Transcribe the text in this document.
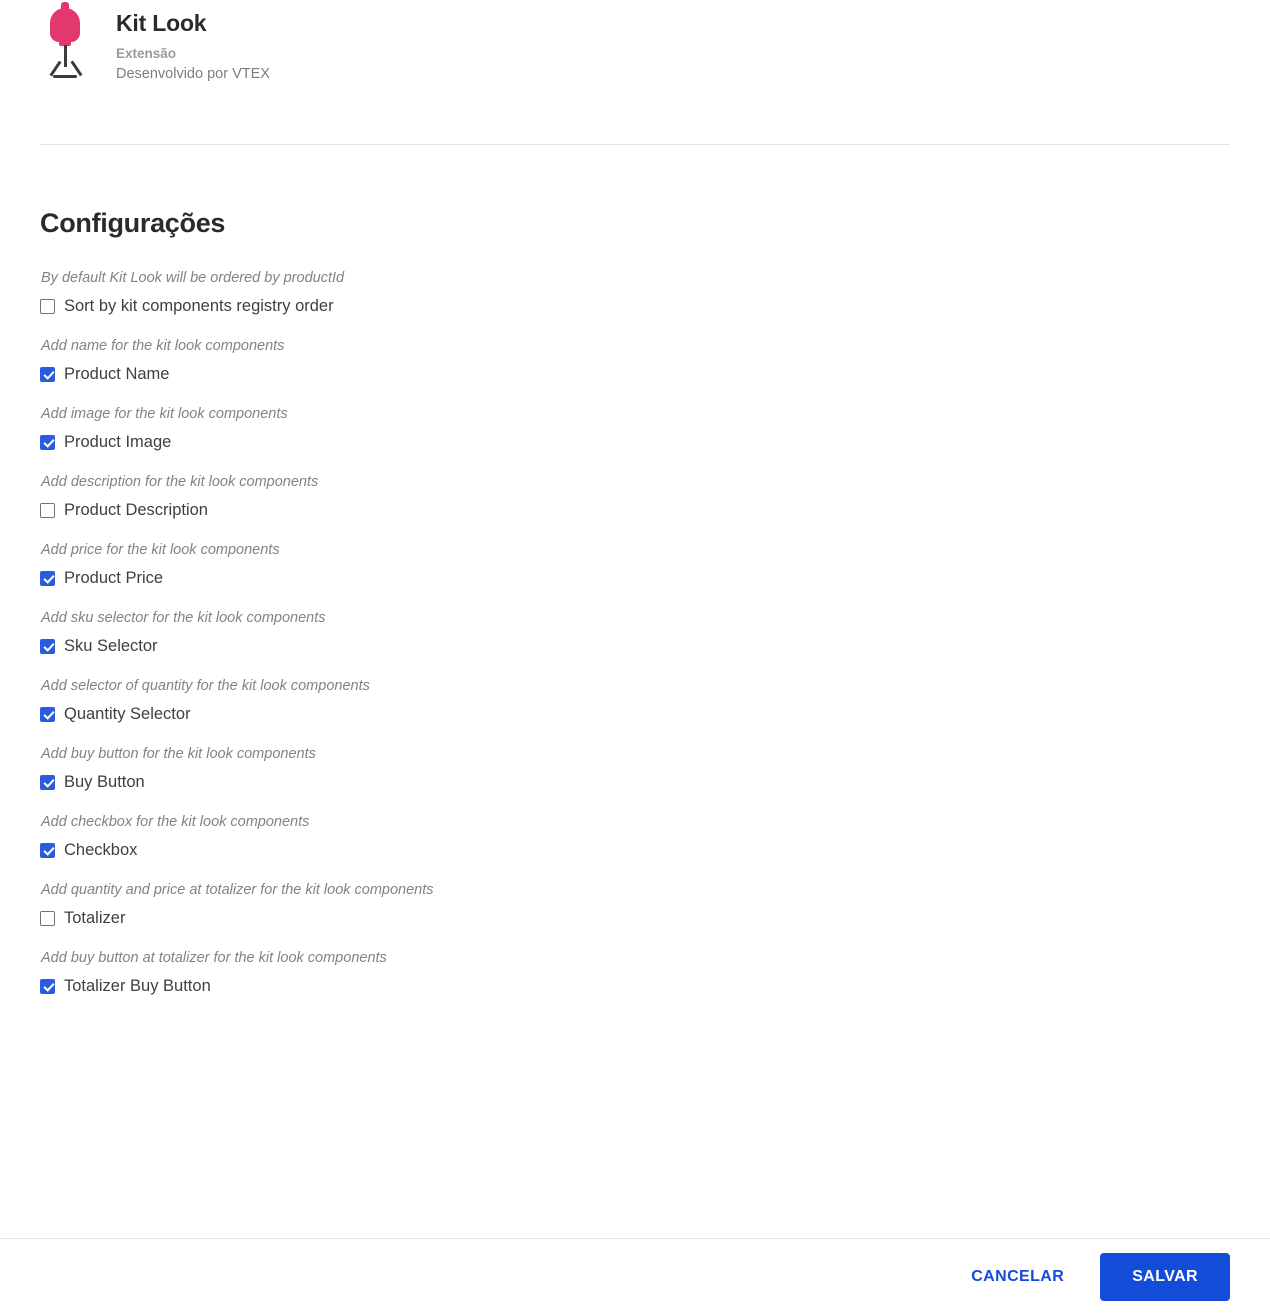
Kit Look
Extensão
Desenvolvido por VTEX
Configurações
By default Kit Look will be ordered by productId
Sort by kit components registry order
Add name for the kit look components
Product Name
Add image for the kit look components
Product Image
Add description for the kit look components
Product Description
Add price for the kit look components
Product Price
Add sku selector for the kit look components
Sku Selector
Add selector of quantity for the kit look components
Quantity Selector
Add buy button for the kit look components
Buy Button
Add checkbox for the kit look components
Checkbox
Add quantity and price at totalizer for the kit look components
Totalizer
Add buy button at totalizer for the kit look components
Totalizer Buy Button
CANCELAR	SALVAR
